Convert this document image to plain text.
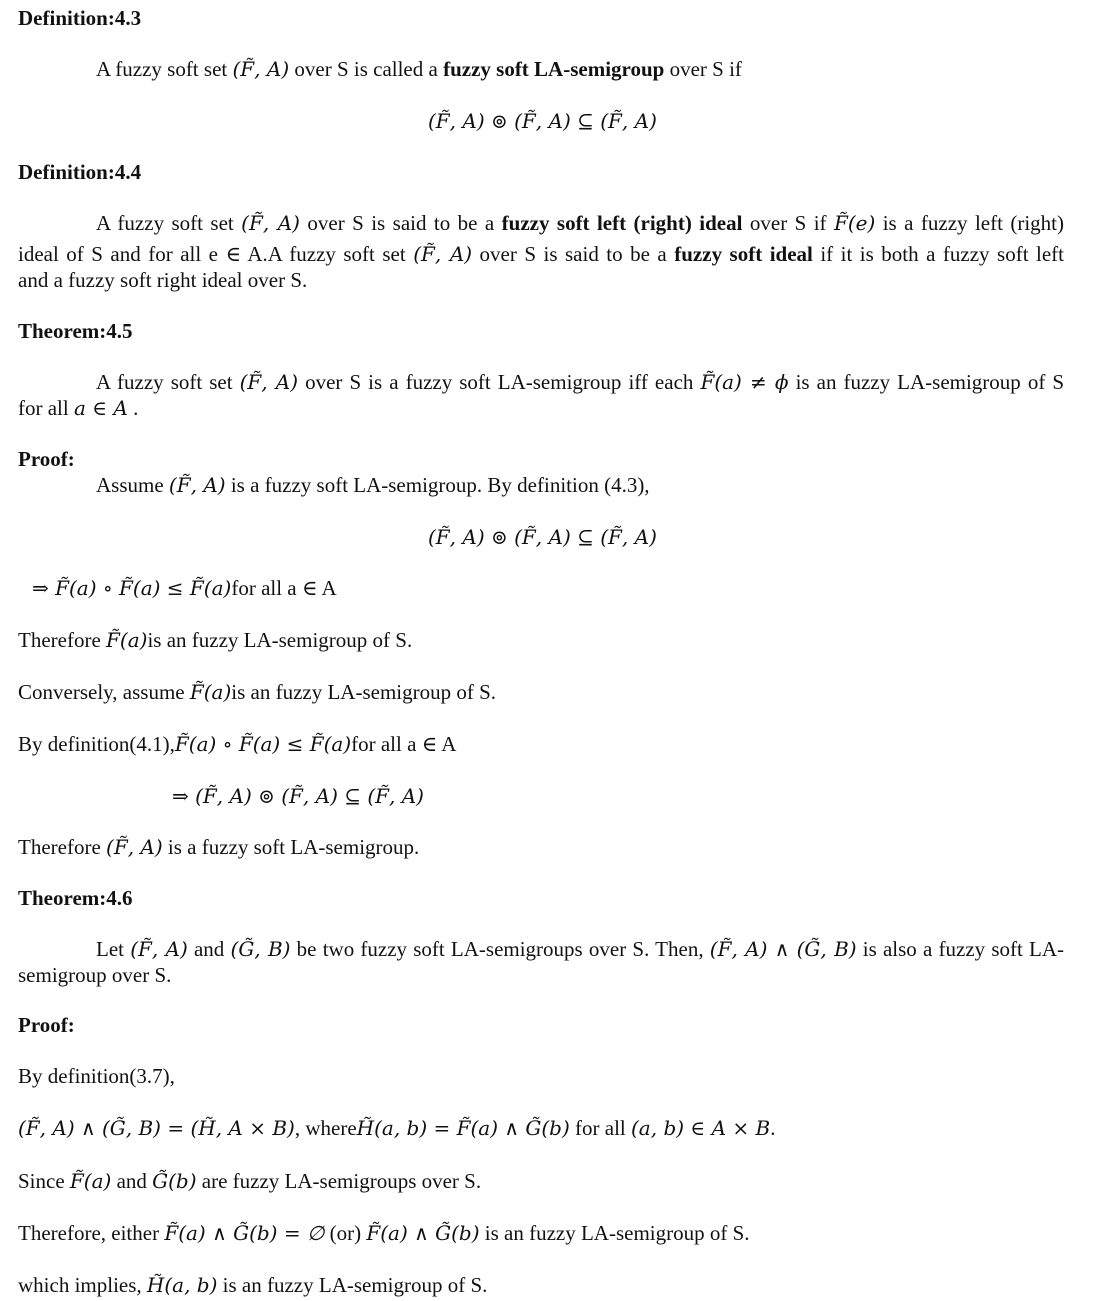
Definition:4.3
A fuzzy soft set (F̃, A) over S is called a fuzzy soft LA-semigroup over S if
(F̃, A) ⊚ (F̃, A) ⊆ (F̃, A)
Definition:4.4
A fuzzy soft set (F̃, A) over S is said to be a fuzzy soft left (right) ideal over S if F̃(e) is a fuzzy left (right)
ideal of S and for all e ∈ A.A fuzzy soft set (F̃, A) over S is said to be a fuzzy soft ideal if it is both a fuzzy soft left
and a fuzzy soft right ideal over S.
Theorem:4.5
A fuzzy soft set (F̃, A) over S is a fuzzy soft LA-semigroup iff each F̃(a) ≠ ϕ is an fuzzy LA-semigroup of S
for all a ∈ A .
Proof:
Assume (F̃, A) is a fuzzy soft LA-semigroup. By definition (4.3),
(F̃, A) ⊚ (F̃, A) ⊆ (F̃, A)
⇒ F̃(a) ∘ F̃(a) ≤ F̃(a)for all a ∈ A
Therefore F̃(a)is an fuzzy LA-semigroup of S.
Conversely, assume F̃(a)is an fuzzy LA-semigroup of S.
By definition(4.1),F̃(a) ∘ F̃(a) ≤ F̃(a)for all a ∈ A
⇒ (F̃, A) ⊚ (F̃, A) ⊆ (F̃, A)
Therefore (F̃, A) is a fuzzy soft LA-semigroup.
Theorem:4.6
Let (F̃, A) and (G̃, B) be two fuzzy soft LA-semigroups over S. Then, (F̃, A) ∧ (G̃, B) is also a fuzzy soft LA-
semigroup over S.
Proof:
By definition(3.7),
(F̃, A) ∧ (G̃, B) = (H̃, A × B), whereH̃(a, b) = F̃(a) ∧ G̃(b) for all (a, b) ∈ A × B.
Since F̃(a) and G̃(b) are fuzzy LA-semigroups over S.
Therefore, either F̃(a) ∧ G̃(b) = ∅ (or) F̃(a) ∧ G̃(b) is an fuzzy LA-semigroup of S.
which implies, H̃(a, b) is an fuzzy LA-semigroup of S.
